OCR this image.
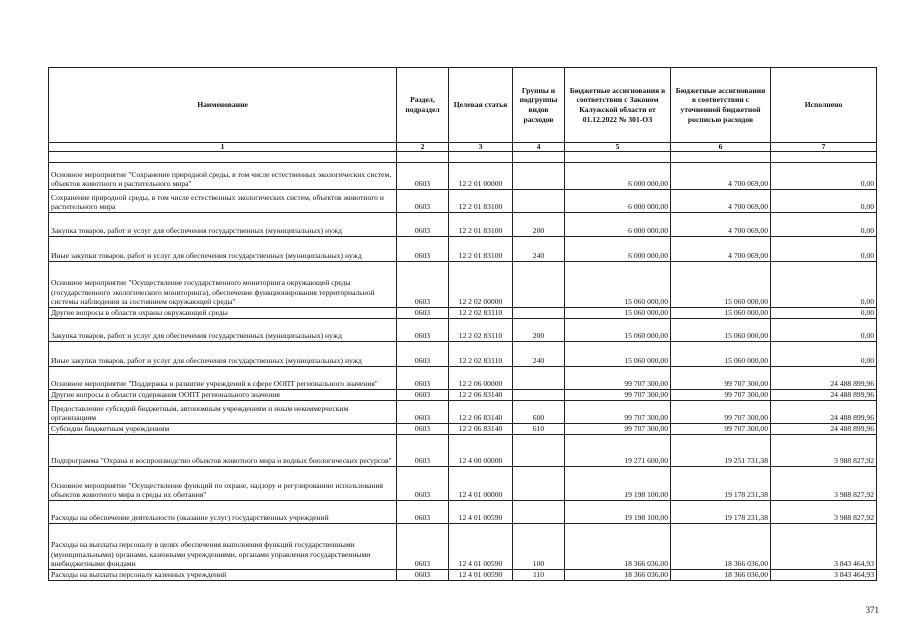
Наименование	Раздел, подраздел	Целевая статья	Группы и подгруппы видов расходов	Бюджетные ассигнования в соответствии с Законом Калужской области от 01.12.2022 № 301-ОЗ	Бюджетные ассигнования в соответствии с уточненной бюджетной росписью расходов	Исполнено
1	2	3	4	5	6	7

Основное мероприятие "Сохранение природной среды, в том числе естественных экологических систем, объектов животного и растительного мира"	0603	12 2 01 00000		6 000 000,00	4 700 069,00	0,00
Сохранение природной среды, в том числе естественных экологических систем, объектов животного и растительного мира	0603	12 2 01 83100		6 000 000,00	4 700 069,00	0,00
Закупка товаров, работ и услуг для обеспечения государственных (муниципальных) нужд	0603	12 2 01 83100	200	6 000 000,00	4 700 069,00	0,00
Иные закупки товаров, работ и услуг для обеспечения государственных (муниципальных) нужд	0603	12 2 01 83100	240	6 000 000,00	4 700 069,00	0,00
Основное мероприятие "Осуществление государственного мониторинга окружающей среды (государственного экологического мониторинга), обеспечение функционирования территориальной системы наблюдения за состоянием окружающей среды"	0603	12 2 02 00000		15 060 000,00	15 060 000,00	0,00
Другие вопросы в области охраны окружающей среды	0603	12 2 02 83110		15 060 000,00	15 060 000,00	0,00
Закупка товаров, работ и услуг для обеспечения государственных (муниципальных) нужд	0603	12 2 02 83110	200	15 060 000,00	15 060 000,00	0,00
Иные закупки товаров, работ и услуг для обеспечения государственных (муниципальных) нужд	0603	12 2 02 83110	240	15 060 000,00	15 060 000,00	0,00
Основное мероприятие "Поддержка и развитие учреждений в сфере ООПТ регионального значения"	0603	12 2 06 00000		99 707 300,00	99 707 300,00	24 488 899,96
Другие вопросы в области содержания ООПТ регионального значения	0603	12 2 06 83140		99 707 300,00	99 707 300,00	24 488 899,96
Предоставление субсидий бюджетным, автономным учреждениям и иным некоммерческим организациям	0603	12 2 06 83140	600	99 707 300,00	99 707 300,00	24 488 899,96
Субсидии бюджетным учреждениям	0603	12 2 06 83140	610	99 707 300,00	99 707 300,00	24 488 899,96
Подпрограмма "Охрана и воспроизводство объектов животного мира и водных биологических ресурсов"	0603	12 4 00 00000		19 271 600,00	19 251 731,38	3 988 827,92
Основное мероприятие "Осуществление функций по охране, надзору и регулированию использования объектов животного мира и среды их обитания"	0603	12 4 01 00000		19 198 100,00	19 178 231,38	3 988 827,92
Расходы на обеспечение деятельности (оказание услуг) государственных учреждений	0603	12 4 01 00590		19 198 100,00	19 178 231,38	3 988 827,92
Расходы на выплаты персоналу в целях обеспечения выполнения функций государственными (муниципальными) органами, казенными учреждениями, органами управления государственными внебюджетными фондами	0603	12 4 01 00590	100	18 366 036,00	18 366 036,00	3 843 464,93
Расходы на выплаты персоналу казенных учреждений	0603	12 4 01 00590	110	18 366 036,00	18 366 036,00	3 843 464,93
371
